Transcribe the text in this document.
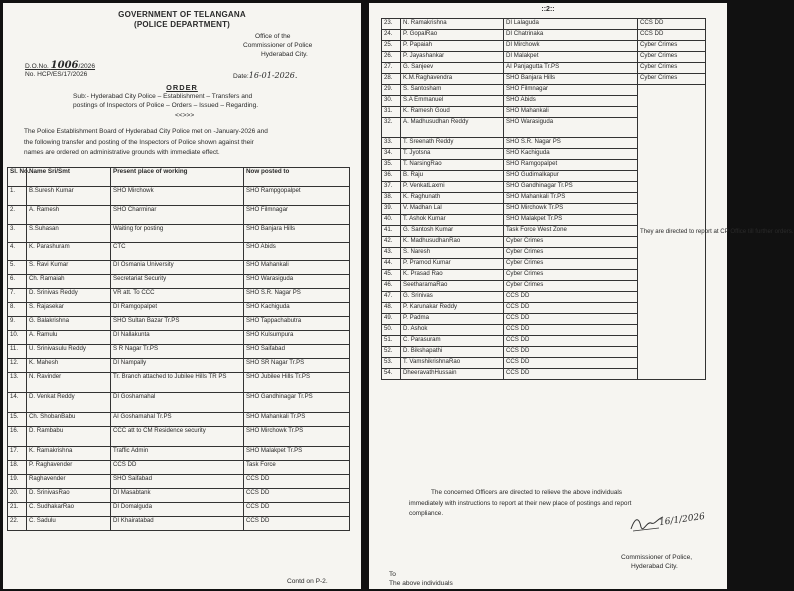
GOVERNMENT OF TELANGANA
(POLICE DEPARTMENT)
Office of the
Commissioner of Police
Hyderabad City.
D.O.No. 1006/2026
No. HCP/ES/17/2026	Date:16-01-2026.
ORDER
Sub:- Hyderabad City Police – Establishment – Transfers and
postings of Inspectors of Police – Orders – Issued – Regarding.
<<>>>
The Police Establishment Board of Hyderabad City Police met on -January-2026 and
the following transfer and posting of the Inspectors of Police shown against their
names are ordered on administrative grounds with immediate effect.
Sl. No.	Name Sri/Smt	Present place of working	Now posted to
1.	B.Suresh Kumar	SHO Mirchowk	SHO Rampgopalpet
2.	A. Ramesh	SHO Charminar	SHO Filmnagar
3.	S.Suhasan	Waiting for posting	SHO Banjara Hills
4.	K. Parashuram	CTC	SHO Abids
5.	S. Ravi Kumar	DI Osmania University	SHO Mahankali
6.	Ch. Ramaiah	Secretariat Security	SHO Warasiguda
7.	D. Srinivas Reddy	VR att. To CCC	SHO S.R. Nagar PS
8.	S. Rajasekar	DI Ramgopalpet	SHO Kachiguda
9.	G. Balakrishna	SHO Sultan Bazar Tr.PS	SHO Tappachabutra
10.	A. Ramulu	DI Nallakunta	SHO Kulsumpura
11.	U. Srinivasulu Reddy	S R Nagar Tr.PS	SHO Saifabad
12.	K. Mahesh	DI Nampally	SHO SR Nagar Tr.PS
13.	N. Ravinder	Tr. Branch attached to Jubilee Hills TR PS	SHO Jubilee Hills Tr.PS
14.	D. Venkat Reddy	DI Goshamahal	SHO Gandhinagar Tr.PS
15.	Ch. ShobanBabu	AI Goshamahal Tr.PS	SHO Mahankali Tr.PS
16.	D. Rambabu	CCC att to CM Residence security	SHO Mirchowk Tr.PS
17.	K. Ramakrishna	Traffic Admin	SHO Malakpet Tr.PS
18.	P. Raghavender	CCS DD	Task Force
19.	Raghavender	SHO Saifabad	CCS DD
20.	D. SrinivasRao	DI Masabtank	CCS DD
21.	C. SudhakarRao	DI Domalguda	CCS DD
22.	C. Sadulu	DI Khairatabad	CCS DD
Contd on P-2.
::2::
23.	N. Ramakrishna	DI Lalaguda	CCS DD
24.	P. GopalRao	DI Chatrinaka	CCS DD
25.	P. Papaiah	DI Mirchowk	Cyber Crimes
26.	P. Jayashankar	DI Malakpet	Cyber Crimes
27.	G. Sanjeev	AI Panjagutta Tr.PS	Cyber Crimes
28.	K.M.Raghavendra	SHO Banjara Hills	Cyber Crimes
29.	S. Santosham	SHO Filmnagar	They are directed to report at CP Office till further orders.
30.	S.A Emmanuel	SHO Abids	
31.	K. Ramesh Goud	SHO Mahankali	
32.	A. Madhusudhan Reddy	SHO Warasiguda	
33.	T. Sreenath Reddy	SHO S.R. Nagar PS	
34.	T. Jyotsna	SHO Kachiguda	
35.	T. NarsingRao	SHO Ramgopalpet	
36.	B. Raju	SHO Gudimalkapur	
37.	P. VenkatLaxmi	SHO Gandhinagar Tr.PS	
38.	K. Raghunath	SHO Mahankali Tr.PS	
39.	V. Madhan Lal	SHO Mirchowk Tr.PS	
40.	T. Ashok Kumar	SHO Malakpet Tr.PS	
41.	G. Santosh Kumar	Task Force West Zone	
42.	K. MadhusudhanRao	Cyber Crimes	
43.	S. Naresh	Cyber Crimes	
44.	P. Pramod Kumar	Cyber Crimes	
45.	K. Prasad Rao	Cyber Crimes	
46.	SeetharamaRao	Cyber Crimes	
47.	G. Srinivas	CCS DD	
48.	P. Karunakar Reddy	CCS DD	
49.	P. Padma	CCS DD	
50.	D. Ashok	CCS DD	
51.	C. Parasuram	CCS DD	
52.	D. Bikshapathi	CCS DD	
53.	T. VamshikrishnaRao	CCS DD	
54.	DheeravathHussain	CCS DD	
The concerned Officers are directed to relieve the above individuals
immediately with instructions to report at their new place of postings and report
compliance.	16/1/2026
Commissioner of Police,
Hyderabad City.
To
The above individuals
